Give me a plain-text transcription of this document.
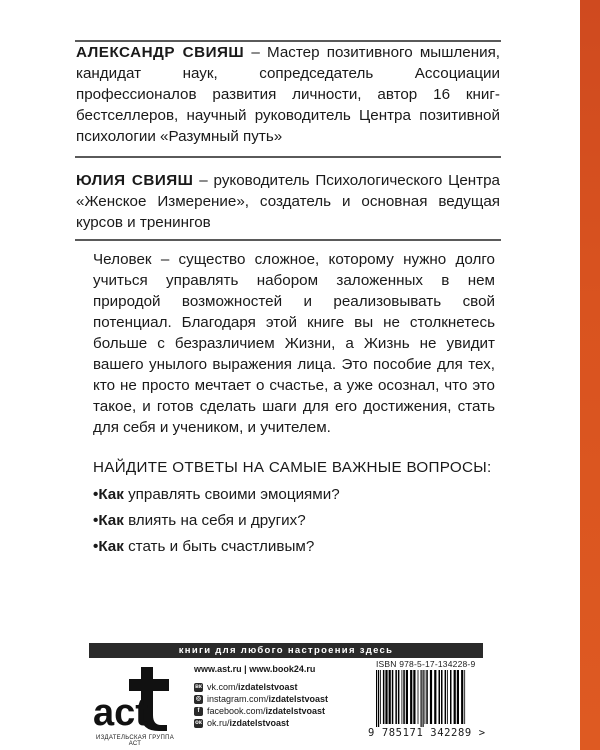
АЛЕКСАНДР СВИЯШ – Мастер позитивного мышления, кандидат наук, сопредседатель Ассоциации профессионалов развития личности, автор 16 книг-бестселлеров, научный руководитель Центра позитивной психологии «Разумный путь»

ЮЛИЯ СВИЯШ – руководитель Психологического Центра «Женское Измерение», создатель и основная ведущая курсов и тренингов

Человек – существо сложное, которому нужно долго учиться управлять набором заложенных в нем природой возможностей и реализовывать свой потенциал. Благодаря этой книге вы не столкнетесь больше с безразличием Жизни, а Жизнь не увидит вашего унылого выражения лица. Это пособие для тех, кто не просто мечтает о счастье, а уже осознал, что это такое, и готов сделать шаги для его достижения, стать для себя и учеником, и учителем.

НАЙДИТЕ ОТВЕТЫ НА САМЫЕ ВАЖНЫЕ ВОПРОСЫ:

•Как управлять своими эмоциями?
•Как влиять на себя и других?
•Как стать и быть счастливым?
книги для любого настроения здесь
act
ИЗДАТЕЛЬСКАЯ ГРУППА АСТ
www.ast.ru | www.book24.ru
вк vk.com/ izdatelstvoast
◎ instagram.com/ izdatelstvoast
f facebook.com/ izdatelstvoast
ок ok.ru/ izdatelstvoast
ISBN 978-5-17-134228-9
9 785171 342289 >
